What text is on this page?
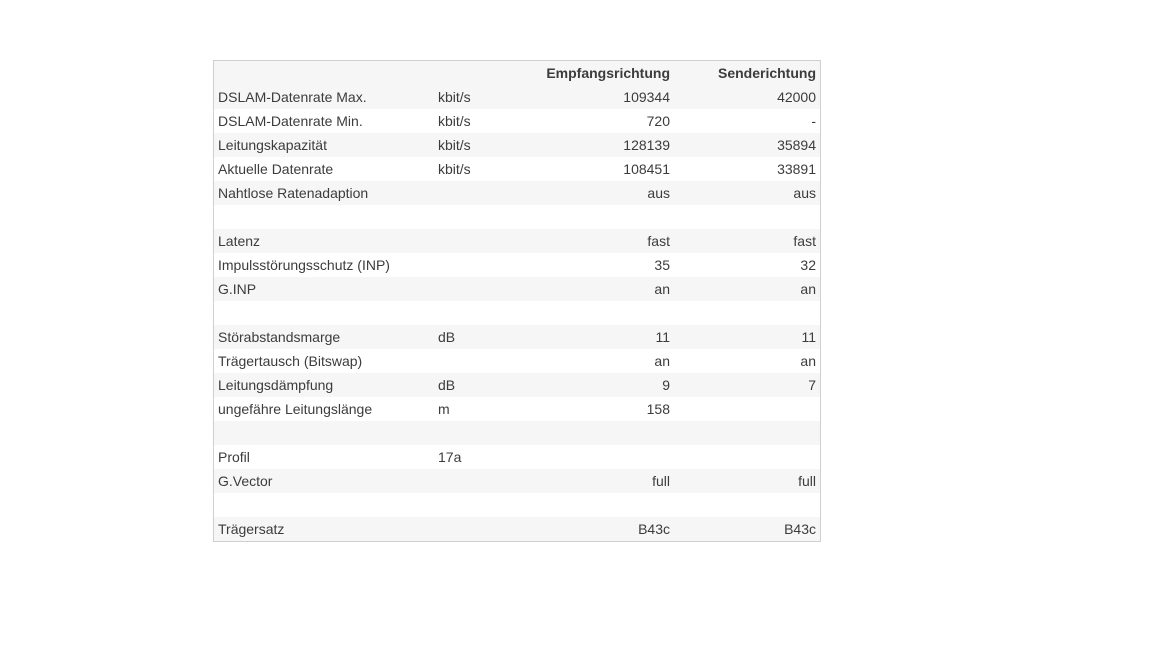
		Empfangsrichtung	Senderichtung
DSLAM-Datenrate Max.	kbit/s	109344	42000
DSLAM-Datenrate Min.	kbit/s	720	-
Leitungskapazität	kbit/s	128139	35894
Aktuelle Datenrate	kbit/s	108451	33891
Nahtlose Ratenadaption		aus	aus

Latenz		fast	fast
Impulsstörungsschutz (INP)		35	32
G.INP		an	an

Störabstandsmarge	dB	11	11
Trägertausch (Bitswap)		an	an
Leitungsdämpfung	dB	9	7
ungefähre Leitungslänge	m	158	

Profil	17a		
G.Vector		full	full

Trägersatz		B43c	B43c
